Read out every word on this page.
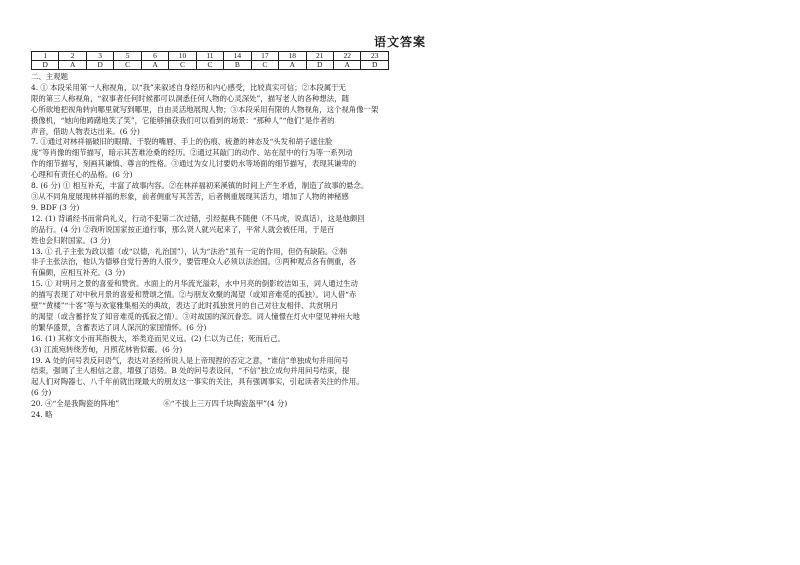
语文答案
1	2	3	5	6	10	11	14	17	18	21	22	23
D	A	D	C	A	C	C	B	C	A	D	A	D

二、主观题

4. ① 本段采用第一人称视角，以“我”来叙述自身经历和内心感受，比较真实可信；②本段属于无

限的第三人称视角，“叙事者任何时候都可以洞悉任何人物的心灵深处”，描写老人的各种想法，随

心所欲地把视角转向哪里就写到哪里，自由灵活地展现人物；③本段采用有限的人物视角，这个视角像一架

摄像机，“她向他踌躇地笑了笑”，它能够捕获我们可以看到的场景：“那种人”“他们”是作者的

声音，借助人物表达出来。(6 分)

7. ①通过对林祥福破旧的眼睛、干裂的嘴唇、手上的伤痕、疲惫的神态及“头发和胡子遮住脸

庞”等肖像的细节描写，暗示其苦难沧桑的经历。②通过其敲门的动作、站在屋中的行为等一系列动

作的细节描写，刻画其谦慎、尊言的性格。③通过为女儿讨要奶水等场面的细节描写，表现其谦卑的

心理和有责任心的品格。(6 分)

8. (6 分) ① 相互补充，丰富了故事内容。②在林祥福初来溪镇的时间上产生矛盾，制造了故事的悬念。

③从不同角度展现林祥福的形象，前者侧重写其苦苦，后者侧重展现其活力，增加了人物的神秘感

9. BDF (3 分)

12. (1) 背诵经书而常尚礼义，行动不犯第二次过错，引经据典不随便（不马虎，说真话），这是他颇回

的品行。(4 分) ②我听说国家按正道行事，那么贤人就兴起来了，平常人就会被任用，于是百

姓也会归附国家。(3 分)

13. ① 孔子主张为政以德（或“以德，礼治国”），认为“法治”虽有一定的作用，但仍有缺陷。②韩

非子主张法治，他认为德够自觉行善的人很少，要管理众人必须以法治国。③两种观点各有侧重，各

有偏颇，应相互补充。(3 分)

15. ① 对明月之景的喜爱和赞赏。水面上的月华流光溢彩，水中月亮的倒影皎洁如玉，词人通过生动

的描写表现了对中秋月景的喜爱和赞颂之情。②与朋友欢聚的渴望（或知音难觅的孤独）。词人借“赤

壁”“黄楼”“十客”等与欢宴雅集相关的典故，表达了此时孤独赏月的自己对往友相伴、共赏明月

的渴望（或含蓄抒发了知音难觅的孤寂之情）。③对故国的深沉眷恋。词人憧憬在灯火中望见神州大地

的繁华盛景，含蓄表达了词人深沉的家国情怀。(6 分)

16. (1) 其称文小而其指极大，举类迩而见义远。(2) 仁以为己任；死而后己。

(3) 江流宛转绕芳甸，月照花林皆似霰。(6 分)

19. A 处的问号表反问语气，表达对圣经所说人是上帝现捏的否定之意，“谁信”单独成句并用问号

结束，强调了主人相信之意，增强了语势。B 处的问号表设问，“不信”独立成句并用问号结束，提

起人们对陶器七、八千年前就出现最大的朋友这一事实的关注，具有强调事实，引起读者关注的作用。

(6 分)

20. ④“全是我陶瓷的阵地”	⑥“不拔上三万四千块陶瓷盔甲”(4 分)

24. 略
